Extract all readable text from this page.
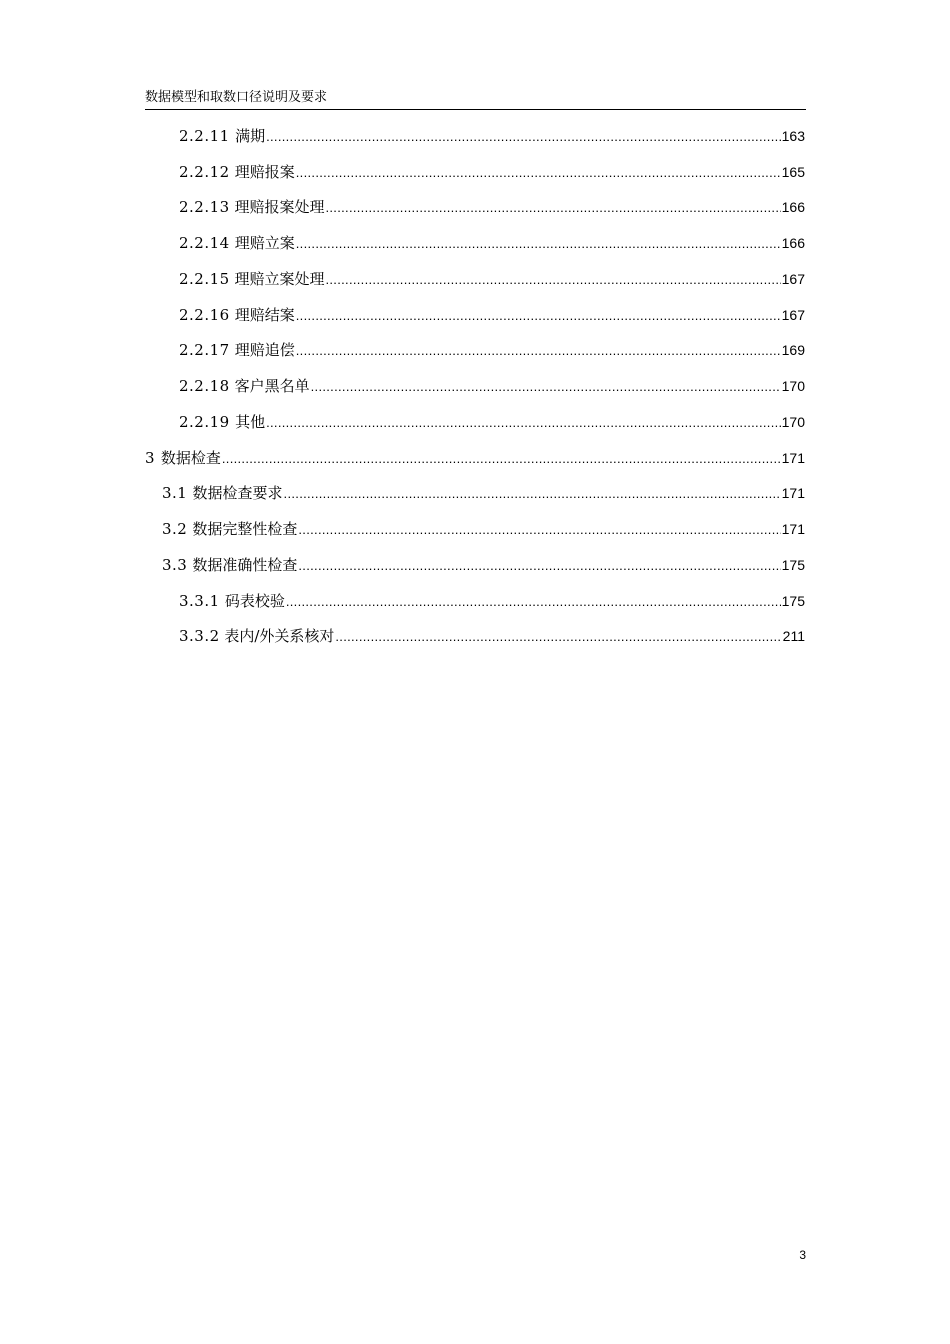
数据模型和取数口径说明及要求
2.2.11 满期 .....	163
2.2.12 理赔报案 .....	165
2.2.13 理赔报案处理 .....	166
2.2.14 理赔立案 .....	166
2.2.15 理赔立案处理 .....	167
2.2.16 理赔结案 .....	167
2.2.17 理赔追偿 .....	169
2.2.18 客户黑名单 .....	170
2.2.19 其他 .....	170
3 数据检查 .....	171
3.1 数据检查要求 .....	171
3.2 数据完整性检查 .....	171
3.3 数据准确性检查 .....	175
3.3.1 码表校验 .....	175
3.3.2 表内/外关系核对 .....	211
3
